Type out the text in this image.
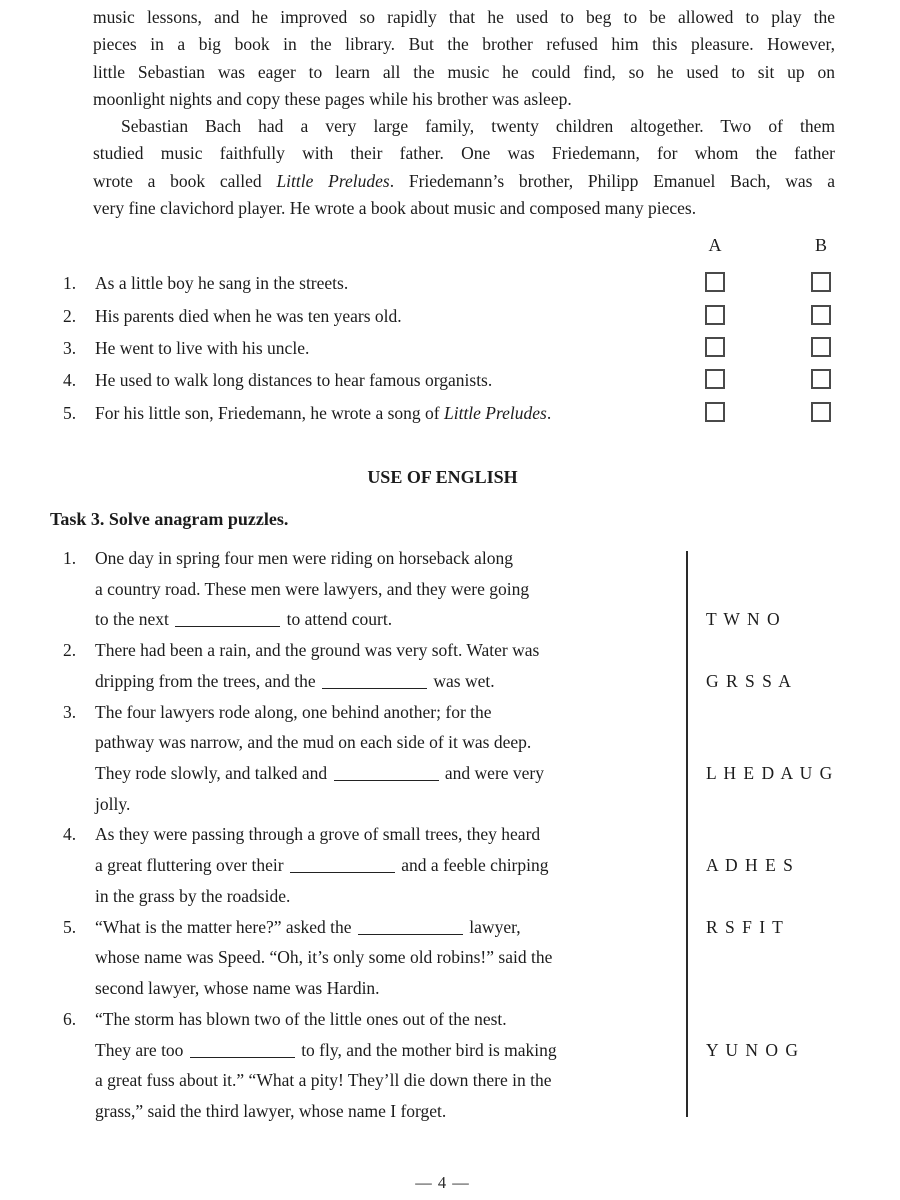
music lessons, and he improved so rapidly that he used to beg to be allowed to play the
pieces in a big book in the library. But the brother refused him this pleasure. However,
little Sebastian was eager to learn all the music he could find, so he used to sit up on
moonlight nights and copy these pages while his brother was asleep.
Sebastian Bach had a very large family, twenty children altogether. Two of them
studied music faithfully with their father. One was Friedemann, for whom the father
wrote a book called Little Preludes. Friedemann’s brother, Philipp Emanuel Bach, was a
very fine clavichord player. He wrote a book about music and composed many pieces.
A	B
1. As a little boy he sang in the streets.
2. His parents died when he was ten years old.
3. He went to live with his uncle.
4. He used to walk long distances to hear famous organists.
5. For his little son, Friedemann, he wrote a song of Little Preludes.
USE OF ENGLISH
Task 3. Solve anagram puzzles.
1. One day in spring four men were riding on horseback along
a country road. These men were lawyers, and they were going
to the next	to attend court.	T W N O
2. There had been a rain, and the ground was very soft. Water was
dripping from the trees, and the	was wet.	G R S S A
3. The four lawyers rode along, one behind another; for the
pathway was narrow, and the mud on each side of it was deep.
They rode slowly, and talked and	and were very
jolly.
L H E D A U G
4. As they were passing through a grove of small trees, they heard
a great fluttering over their	and a feeble chirping
in the grass by the roadside.
A D H E S
5. “What is the matter here?” asked the	lawyer,
whose name was Speed. “Oh, it’s only some old robins!” said the
second lawyer, whose name was Hardin.
R S F I T
6. “The storm has blown two of the little ones out of the nest.
They are too	to fly, and the mother bird is making
a great fuss about it.” “What a pity! They’ll die down there in the
grass,” said the third lawyer, whose name I forget.
Y U N O G
— 4 —
